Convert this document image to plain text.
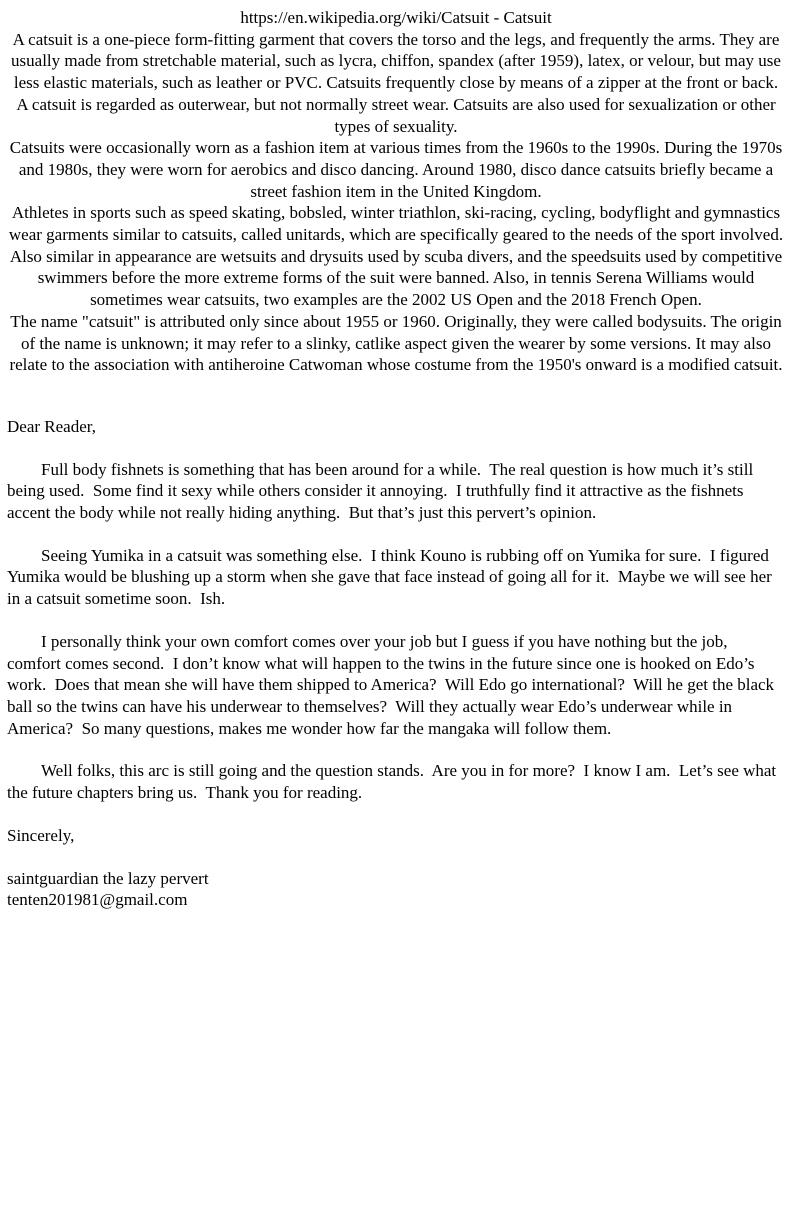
https://en.wikipedia.org/wiki/Catsuit - Catsuit

A catsuit is a one-piece form-fitting garment that covers the torso and the legs, and frequently the arms. They are usually made from stretchable material, such as lycra, chiffon, spandex (after 1959), latex, or velour, but may use less elastic materials, such as leather or PVC. Catsuits frequently close by means of a zipper at the front or back. A catsuit is regarded as outerwear, but not normally street wear. Catsuits are also used for sexualization or other types of sexuality.

Catsuits were occasionally worn as a fashion item at various times from the 1960s to the 1990s. During the 1970s and 1980s, they were worn for aerobics and disco dancing. Around 1980, disco dance catsuits briefly became a street fashion item in the United Kingdom.

Athletes in sports such as speed skating, bobsled, winter triathlon, ski-racing, cycling, bodyflight and gymnastics wear garments similar to catsuits, called unitards, which are specifically geared to the needs of the sport involved. Also similar in appearance are wetsuits and drysuits used by scuba divers, and the speedsuits used by competitive swimmers before the more extreme forms of the suit were banned. Also, in tennis Serena Williams would sometimes wear catsuits, two examples are the 2002 US Open and the 2018 French Open.

The name "catsuit" is attributed only since about 1955 or 1960. Originally, they were called bodysuits. The origin of the name is unknown; it may refer to a slinky, catlike aspect given the wearer by some versions. It may also relate to the association with antiheroine Catwoman whose costume from the 1950's onward is a modified catsuit.

Dear Reader,

Full body fishnets is something that has been around for a while.  The real question is how much it’s still being used.  Some find it sexy while others consider it annoying.  I truthfully find it attractive as the fishnets accent the body while not really hiding anything.  But that’s just this pervert’s opinion.

Seeing Yumika in a catsuit was something else.  I think Kouno is rubbing off on Yumika for sure.  I figured Yumika would be blushing up a storm when she gave that face instead of going all for it.  Maybe we will see her in a catsuit sometime soon.  Ish.

I personally think your own comfort comes over your job but I guess if you have nothing but the job, comfort comes second.  I don’t know what will happen to the twins in the future since one is hooked on Edo’s work.  Does that mean she will have them shipped to America?  Will Edo go international?  Will he get the black ball so the twins can have his underwear to themselves?  Will they actually wear Edo’s underwear while in America?  So many questions, makes me wonder how far the mangaka will follow them.

Well folks, this arc is still going and the question stands.  Are you in for more?  I know I am.  Let’s see what the future chapters bring us.  Thank you for reading.

Sincerely,

saintguardian the lazy pervert
tenten201981@gmail.com
